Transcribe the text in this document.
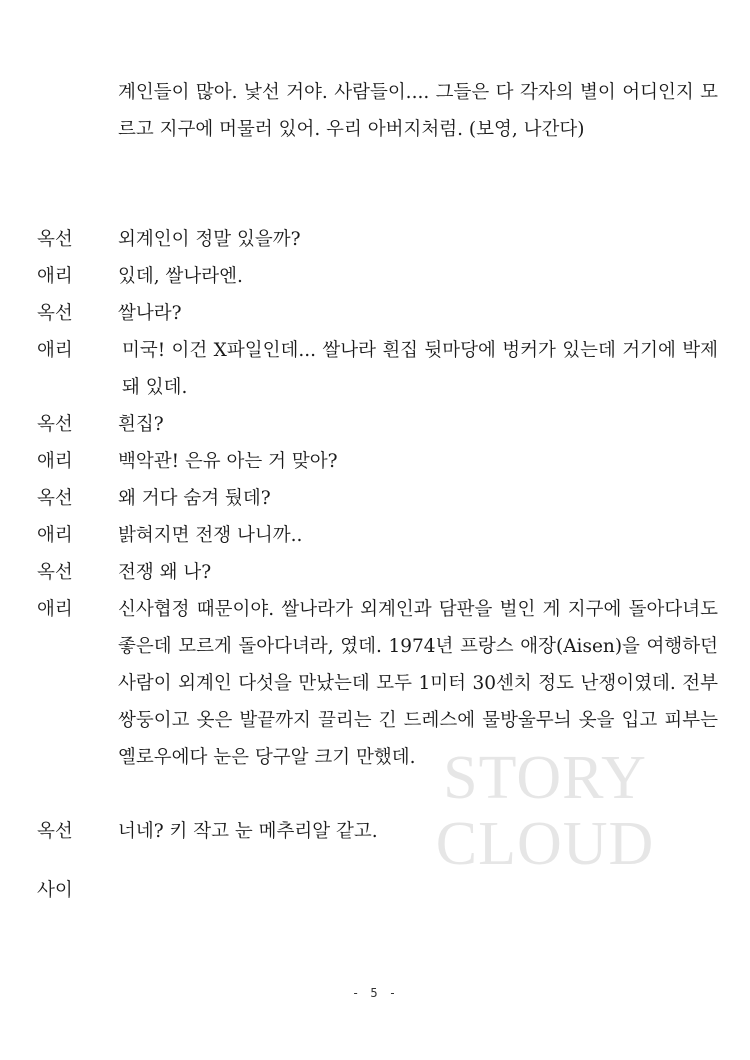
STORY
CLOUD
계인들이 많아. 낯선 거야. 사람들이.... 그들은 다 각자의 별이 어디인지 모르고 지구에 머물러 있어. 우리 아버지처럼. (보영, 나간다)
옥선	외계인이 정말 있을까?
애리	있데, 쌀나라엔.
옥선	쌀나라?
애리	미국! 이건 X파일인데... 쌀나라 흰집 뒷마당에 벙커가 있는데 거기에 박제돼 있데.
옥선	흰집?
애리	백악관! 은유 아는 거 맞아?
옥선	왜 거다 숨겨 뒀데?
애리	밝혀지면 전쟁 나니까..
옥선	전쟁 왜 나?
애리	신사협정 때문이야. 쌀나라가 외계인과 담판을 벌인 게 지구에 돌아다녀도 좋은데 모르게 돌아다녀라, 였데. 1974년 프랑스 애장(Aisen)을 여행하던 사람이 외계인 다섯을 만났는데 모두 1미터 30센치 정도 난쟁이였데. 전부 쌍둥이고 옷은 발끝까지 끌리는 긴 드레스에 물방울무늬 옷을 입고 피부는 옐로우에다 눈은 당구알 크기 만했데.
옥선	너네? 키 작고 눈 메추리알 같고.
사이
- 5 -
